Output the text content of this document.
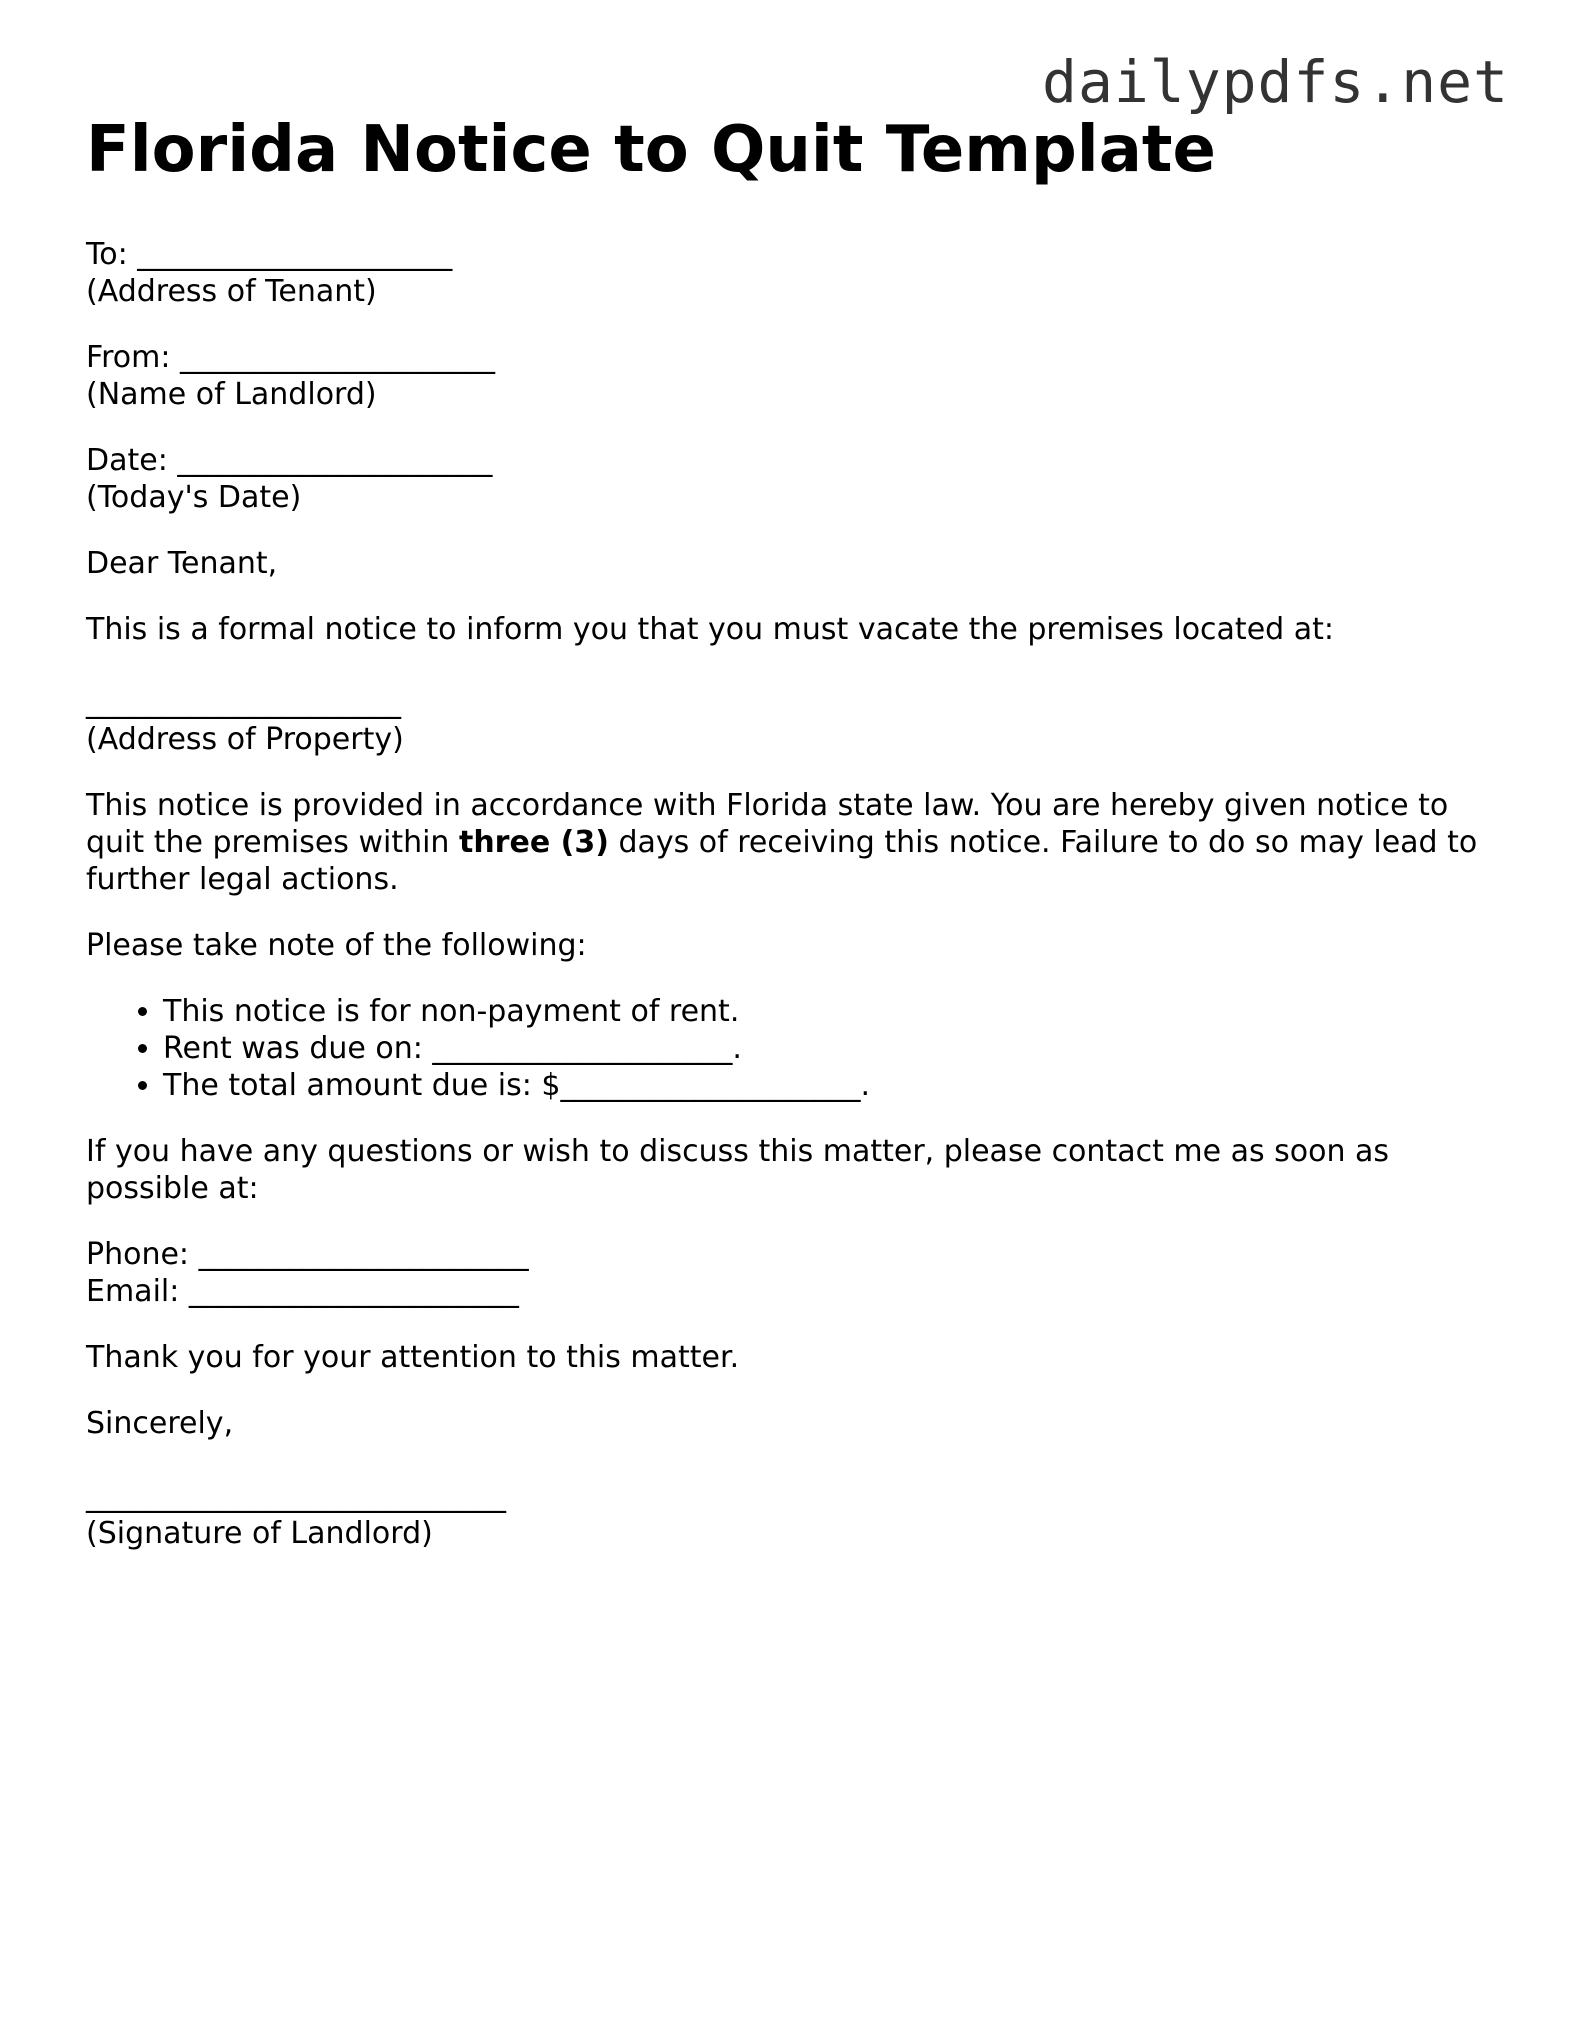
dailypdfs.net
Florida Notice to Quit Template
To: _____________________
(Address of Tenant)
From: _____________________
(Name of Landlord)
Date: _____________________
(Today's Date)

Dear Tenant,

This is a formal notice to inform you that you must vacate the premises located at:

_____________________
(Address of Property)

This notice is provided in accordance with Florida state law. You are hereby given notice to quit the premises within three (3) days of receiving this notice. Failure to do so may lead to further legal actions.

Please take note of the following:

• This notice is for non-payment of rent.
• Rent was due on: ____________________.
• The total amount due is: $____________________.

If you have any questions or wish to discuss this matter, please contact me as soon as possible at:

Phone: ______________________
Email: ______________________

Thank you for your attention to this matter.

Sincerely,

____________________________
(Signature of Landlord)
